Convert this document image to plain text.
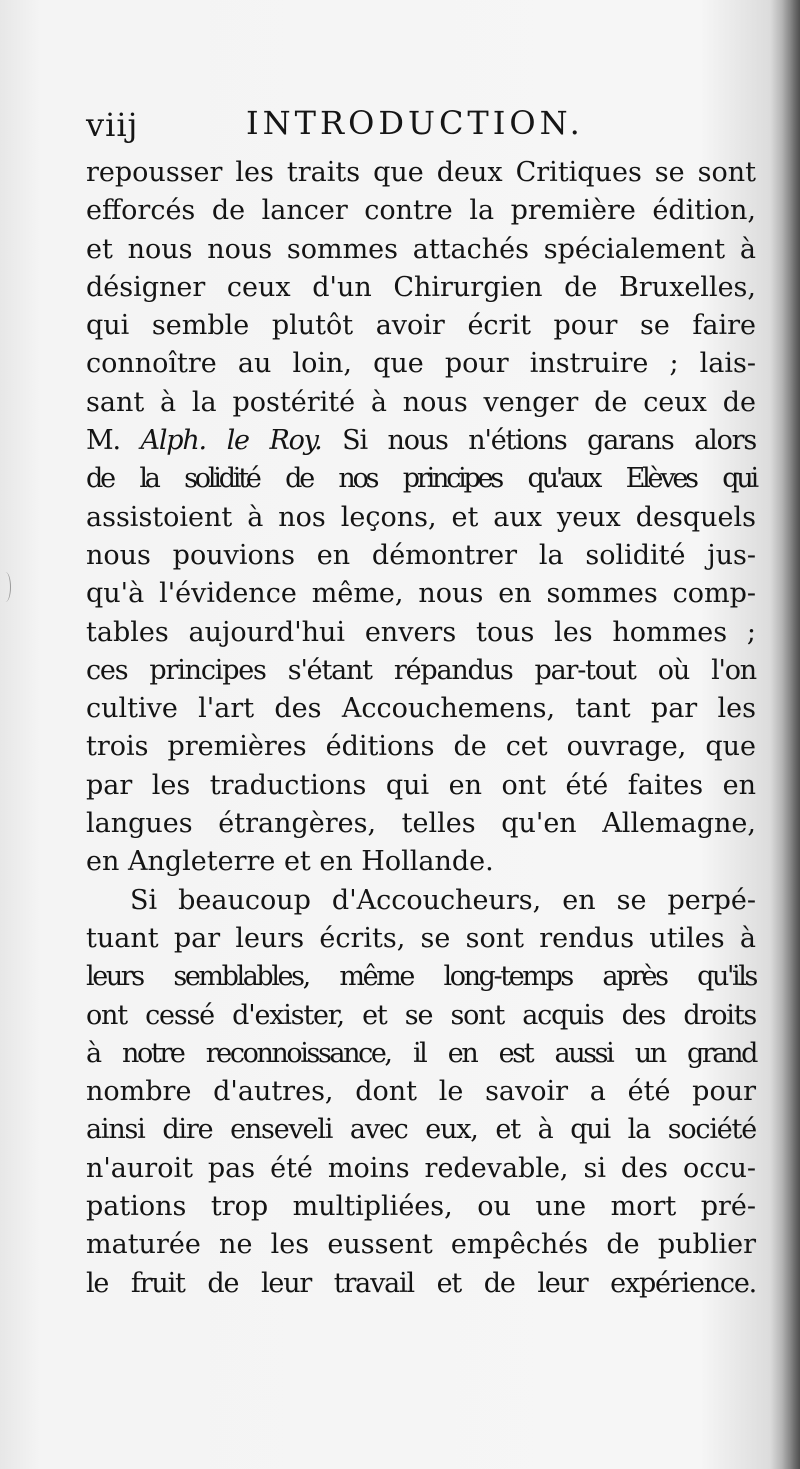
viij	INTRODUCTION.
repousser les traits que deux Critiques se sont
efforcés de lancer contre la première édition,
et nous nous sommes attachés spécialement à
désigner ceux d'un Chirurgien de Bruxelles,
qui semble plutôt avoir écrit pour se faire
connoître au loin, que pour instruire ; lais-
sant à la postérité à nous venger de ceux de
M. Alph. le Roy. Si nous n'étions garans alors
de la solidité de nos principes qu'aux Elèves qui
assistoient à nos leçons, et aux yeux desquels
nous pouvions en démontrer la solidité jus-
qu'à l'évidence même, nous en sommes comp-
tables aujourd'hui envers tous les hommes ;
ces principes s'étant répandus par-tout où l'on
cultive l'art des Accouchemens, tant par les
trois premières éditions de cet ouvrage, que
par les traductions qui en ont été faites en
langues étrangères, telles qu'en Allemagne,
en Angleterre et en Hollande.
Si beaucoup d'Accoucheurs, en se perpé-
tuant par leurs écrits, se sont rendus utiles à
leurs semblables, même long-temps après qu'ils
ont cessé d'exister, et se sont acquis des droits
à notre reconnoissance, il en est aussi un grand
nombre d'autres, dont le savoir a été pour
ainsi dire enseveli avec eux, et à qui la société
n'auroit pas été moins redevable, si des occu-
pations trop multipliées, ou une mort pré-
maturée ne les eussent empêchés de publier
le fruit de leur travail et de leur expérience.
